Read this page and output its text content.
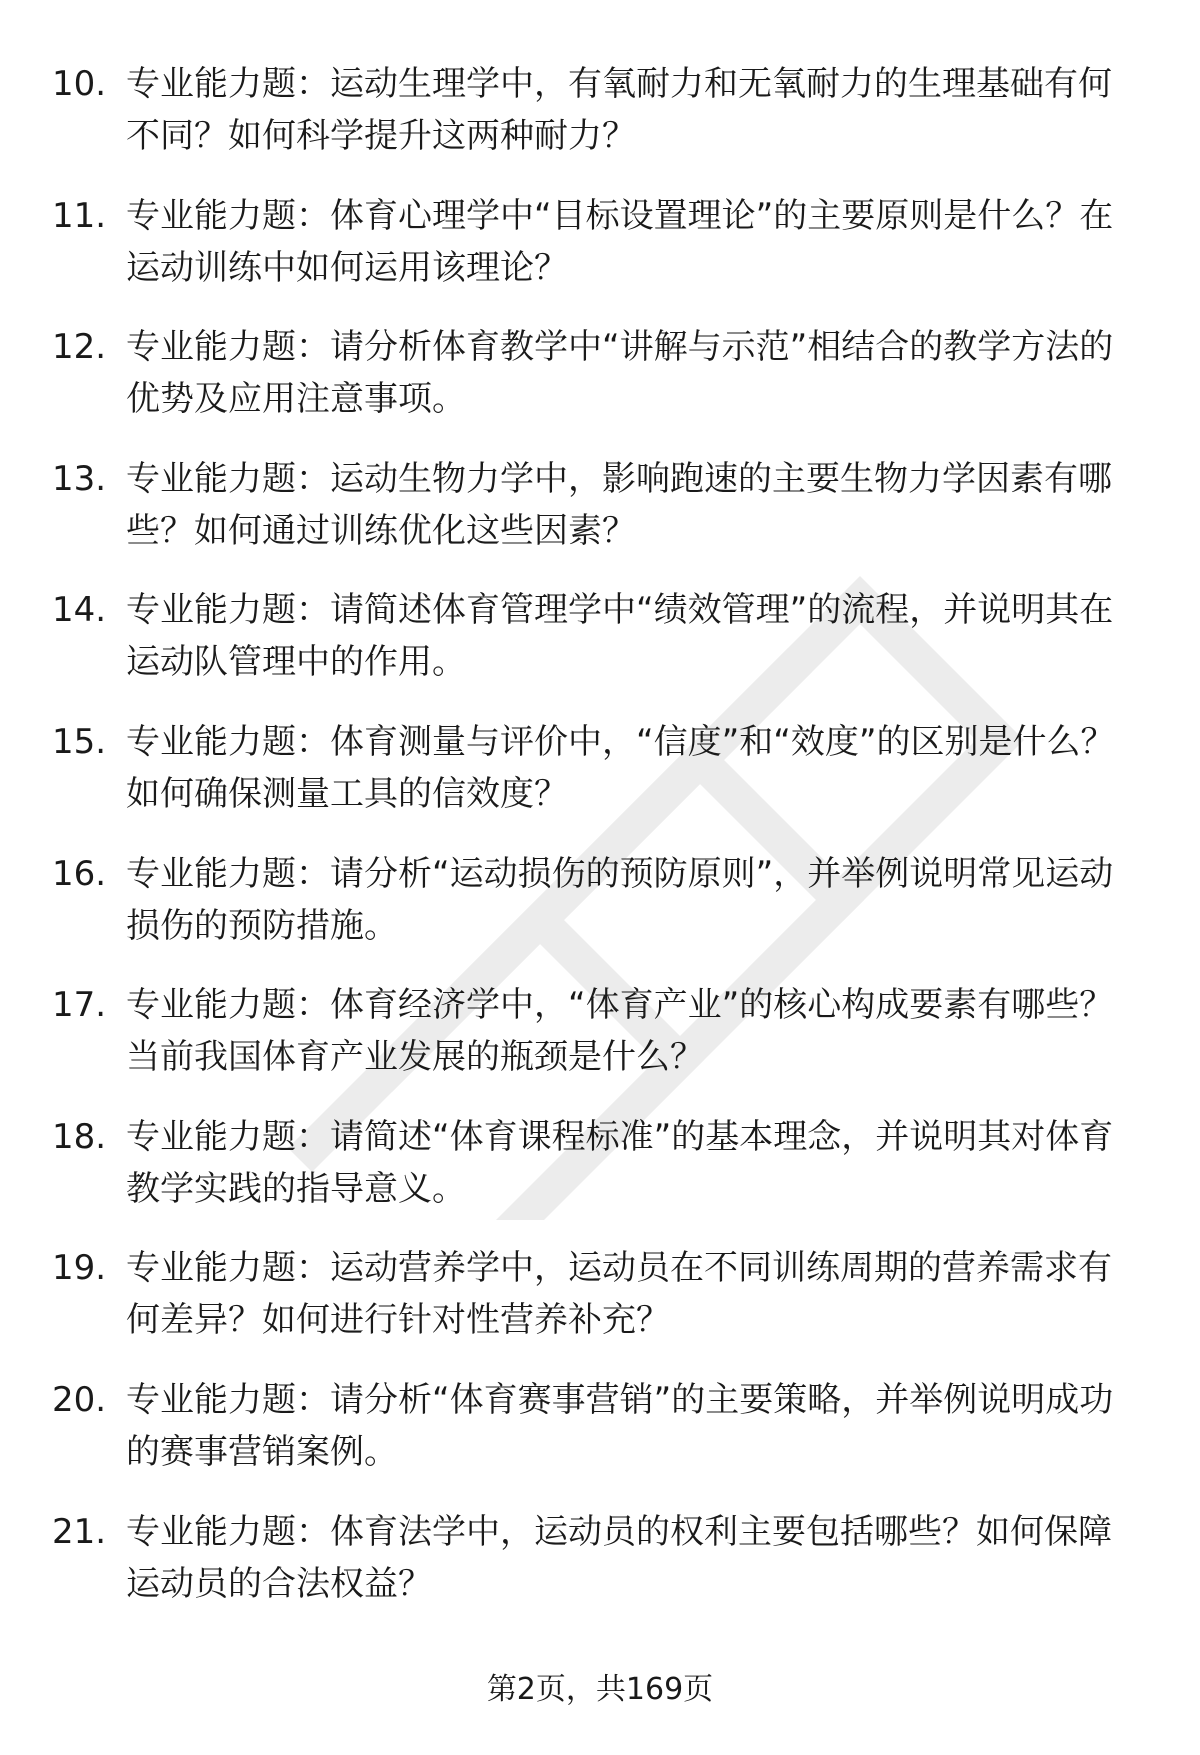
10. 专业能力题：运动生理学中，有氧耐力和无氧耐力的生理基础有何不同？如何科学提升这两种耐力？
11. 专业能力题：体育心理学中“目标设置理论”的主要原则是什么？在运动训练中如何运用该理论？
12. 专业能力题：请分析体育教学中“讲解与示范”相结合的教学方法的优势及应用注意事项。
13. 专业能力题：运动生物力学中，影响跑速的主要生物力学因素有哪些？如何通过训练优化这些因素？
14. 专业能力题：请简述体育管理学中“绩效管理”的流程，并说明其在运动队管理中的作用。
15. 专业能力题：体育测量与评价中，“信度”和“效度”的区别是什么？如何确保测量工具的信效度？
16. 专业能力题：请分析“运动损伤的预防原则”，并举例说明常见运动损伤的预防措施。
17. 专业能力题：体育经济学中，“体育产业”的核心构成要素有哪些？当前我国体育产业发展的瓶颈是什么？
18. 专业能力题：请简述“体育课程标准”的基本理念，并说明其对体育教学实践的指导意义。
19. 专业能力题：运动营养学中，运动员在不同训练周期的营养需求有何差异？如何进行针对性营养补充？
20. 专业能力题：请分析“体育赛事营销”的主要策略，并举例说明成功的赛事营销案例。
21. 专业能力题：体育法学中，运动员的权利主要包括哪些？如何保障运动员的合法权益？
第2页，共169页
